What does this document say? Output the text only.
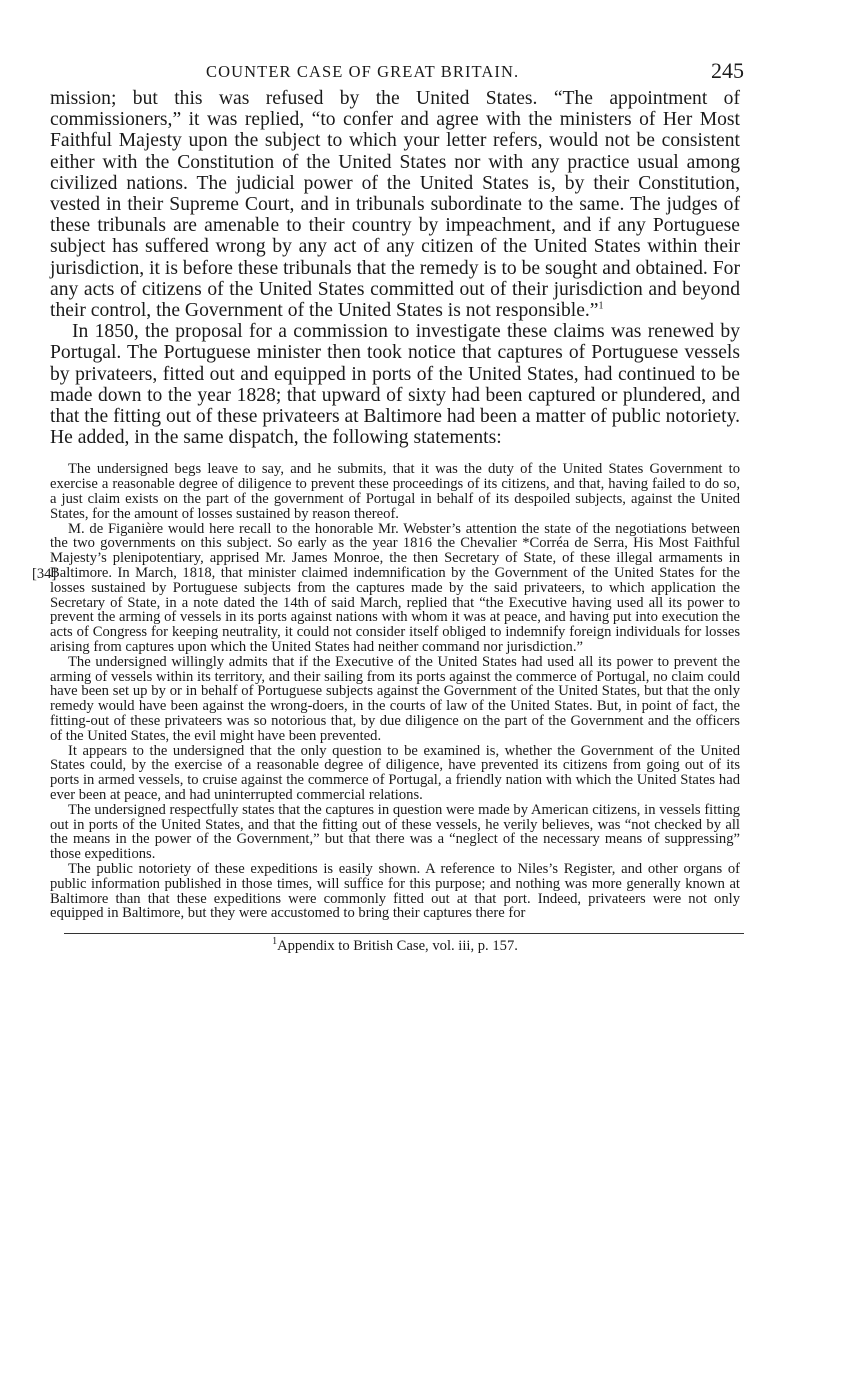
COUNTER CASE OF GREAT BRITAIN.	245

mission; but this was refused by the United States. “The appointment of commissioners,” it was replied, “to confer and agree with the ministers of Her Most Faithful Majesty upon the subject to which your letter refers, would not be consistent either with the Constitution of the United States nor with any practice usual among civilized nations. The judicial power of the United States is, by their Constitution, vested in their Supreme Court, and in tribunals subordinate to the same. The judges of these tribunals are amenable to their country by impeachment, and if any Portuguese subject has suffered wrong by any act of any citizen of the United States within their jurisdiction, it is before these tribunals that the remedy is to be sought and obtained. For any acts of citizens of the United States committed out of their jurisdiction and beyond their control, the Government of the United States is not responsible.”$^1$

In 1850, the proposal for a commission to investigate these claims was renewed by Portugal. The Portuguese minister then took notice that captures of Portuguese vessels by privateers, fitted out and equipped in ports of the United States, had continued to be made down to the year 1828; that upward of sixty had been captured or plundered, and that the fitting out of these privateers at Baltimore had been a matter of public notoriety. He added, in the same dispatch, the following statements:

The undersigned begs leave to say, and he submits, that it was the duty of the United States Government to exercise a reasonable degree of diligence to prevent these proceedings of its citizens, and that, having failed to do so, a just claim exists on the part of the government of Portugal in behalf of its despoiled subjects, against the United States, for the amount of losses sustained by reason thereof.

[34]

M. de Figanière would here recall to the honorable Mr. Webster’s attention the state of the negotiations between the two governments on this subject. So early as the year 1816 the Chevalier *Corréa de Serra, His Most Faithful Majesty’s plenipotentiary, apprised Mr. James Monroe, the then Secretary of State, of these illegal armaments in Baltimore. In March, 1818, that minister claimed indemnification by the Government of the United States for the losses sustained by Portuguese subjects from the captures made by the said privateers, to which application the Secretary of State, in a note dated the 14th of said March, replied that “the Executive having used all its power to prevent the arming of vessels in its ports against nations with whom it was at peace, and having put into execution the acts of Congress for keeping neutrality, it could not consider itself obliged to indemnify foreign individuals for losses arising from captures upon which the United States had neither command nor jurisdiction.”

The undersigned willingly admits that if the Executive of the United States had used all its power to prevent the arming of vessels within its territory, and their sailing from its ports against the commerce of Portugal, no claim could have been set up by or in behalf of Portuguese subjects against the Government of the United States, but that the only remedy would have been against the wrong-doers, in the courts of law of the United States. But, in point of fact, the fitting-out of these privateers was so notorious that, by due diligence on the part of the Government and the officers of the United States, the evil might have been prevented.

It appears to the undersigned that the only question to be examined is, whether the Government of the United States could, by the exercise of a reasonable degree of diligence, have prevented its citizens from going out of its ports in armed vessels, to cruise against the commerce of Portugal, a friendly nation with which the United States had ever been at peace, and had uninterrupted commercial relations.

The undersigned respectfully states that the captures in question were made by American citizens, in vessels fitting out in ports of the United States, and that the fitting out of these vessels, he verily believes, was “not checked by all the means in the power of the Government,” but that there was a “neglect of the necessary means of suppressing” those expeditions.

The public notoriety of these expeditions is easily shown. A reference to Niles’s Register, and other organs of public information published in those times, will suffice for this purpose; and nothing was more generally known at Baltimore than that these expeditions were commonly fitted out at that port. Indeed, privateers were not only equipped in Baltimore, but they were accustomed to bring their captures there for

$^1$Appendix to British Case, vol. iii, p. 157.
